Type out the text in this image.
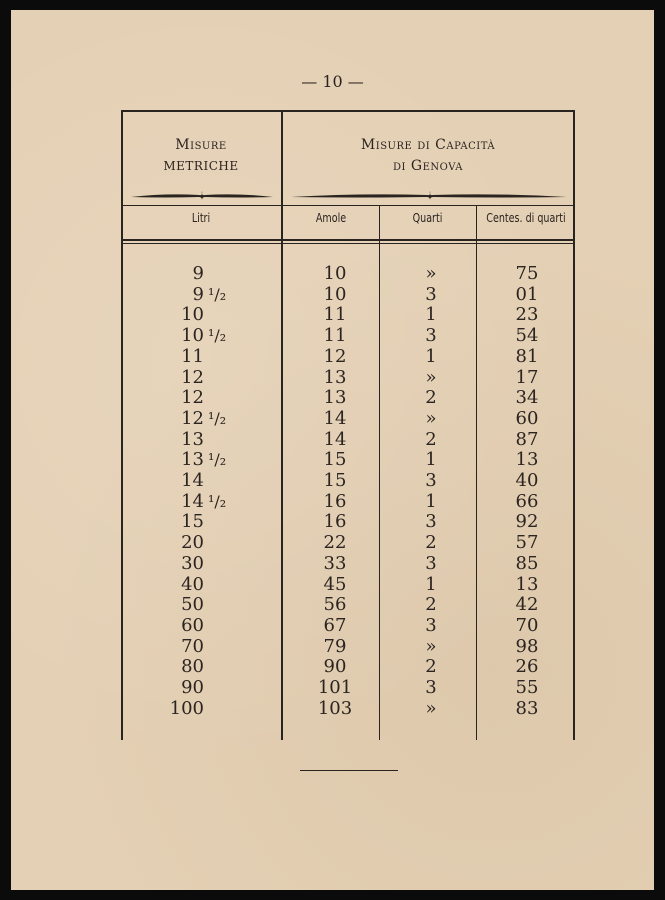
— 10 —
Misure
METRICHE
Misure di Capacità
di Genova
Litri	Amole	Quarti	Centes. di quarti
9	10	»	75
9 ¹/₂	10	3	01
10	11	1	23
10 ¹/₂	11	3	54
11	12	1	81
12	13	»	17
12	13	2	34
12 ¹/₂	14	»	60
13	14	2	87
13 ¹/₂	15	1	13
14	15	3	40
14 ¹/₂	16	1	66
15	16	3	92
20	22	2	57
30	33	3	85
40	45	1	13
50	56	2	42
60	67	3	70
70	79	»	98
80	90	2	26
90	101	3	55
100	103	»	83
